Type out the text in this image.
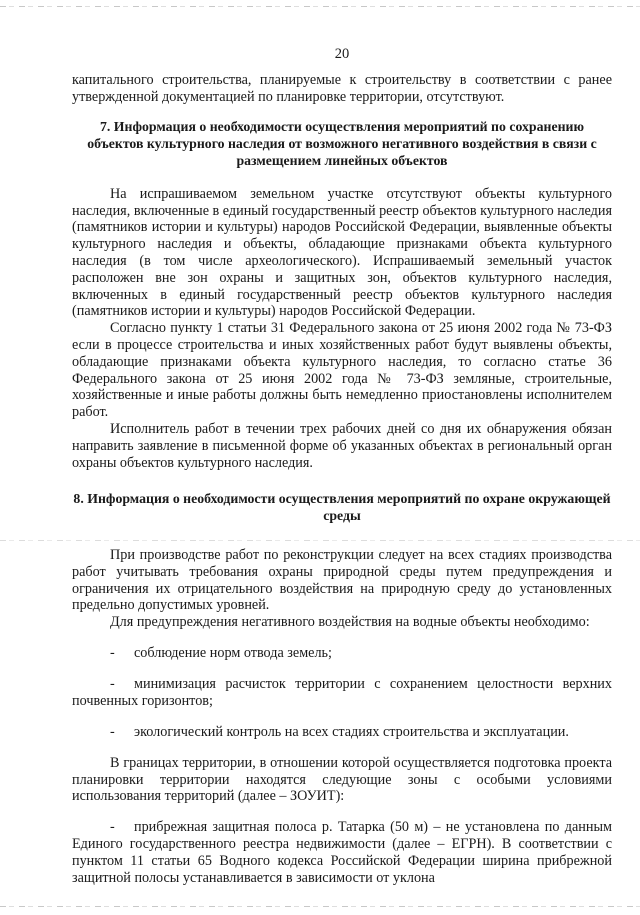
20

капитального строительства, планируемые к строительству в соответствии с ранее утвержденной документацией по планировке территории, отсутствуют.

7. Информация о необходимости осуществления мероприятий по сохранению объектов культурного наследия от возможного негативного воздействия в связи с размещением линейных объектов

На испрашиваемом земельном участке отсутствуют объекты культурного наследия, включенные в единый государственный реестр объектов культурного наследия (памятников истории и культуры) народов Российской Федерации, выявленные объекты культурного наследия и объекты, обладающие признаками объекта культурного наследия (в том числе археологического). Испрашиваемый земельный участок расположен вне зон охраны и защитных зон, объектов культурного наследия, включенных в единый государственный реестр объектов культурного наследия (памятников истории и культуры) народов Российской Федерации.

Согласно пункту 1 статьи 31 Федерального закона от 25 июня 2002 года № 73-ФЗ если в процессе строительства и иных хозяйственных работ будут выявлены объекты, обладающие признаками объекта культурного наследия, то согласно статье 36 Федерального закона от 25 июня 2002 года № 73-ФЗ земляные, строительные, хозяйственные и иные работы должны быть немедленно приостановлены исполнителем работ.

Исполнитель работ в течении трех рабочих дней со дня их обнаружения обязан направить заявление в письменной форме об указанных объектах в региональный орган охраны объектов культурного наследия.

8. Информация о необходимости осуществления мероприятий по охране окружающей среды

При производстве работ по реконструкции следует на всех стадиях производства работ учитывать требования охраны природной среды путем предупреждения и ограничения их отрицательного воздействия на природную среду до установленных предельно допустимых уровней.

Для предупреждения негативного воздействия на водные объекты необходимо:

- соблюдение норм отвода земель;

- минимизация расчисток территории с сохранением целостности верхних почвенных горизонтов;

- экологический контроль на всех стадиях строительства и эксплуатации.

В границах территории, в отношении которой осуществляется подготовка проекта планировки территории находятся следующие зоны с особыми условиями использования территорий (далее – ЗОУИТ):

- прибрежная защитная полоса р. Татарка (50 м) – не установлена по данным Единого государственного реестра недвижимости (далее – ЕГРН). В соответствии с пунктом 11 статьи 65 Водного кодекса Российской Федерации ширина прибрежной защитной полосы устанавливается в зависимости от уклона
